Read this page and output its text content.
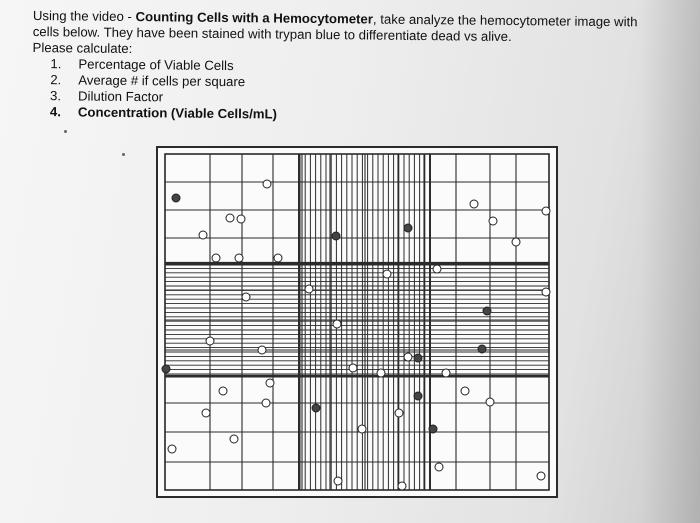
Using the video - Counting Cells with a Hemocytometer, take analyze the hemocytometer image with
cells below. They have been stained with trypan blue to differentiate dead vs alive.
Please calculate:
1. Percentage of Viable Cells
2. Average # if cells per square
3. Dilution Factor
4. Concentration (Viable Cells/mL)
